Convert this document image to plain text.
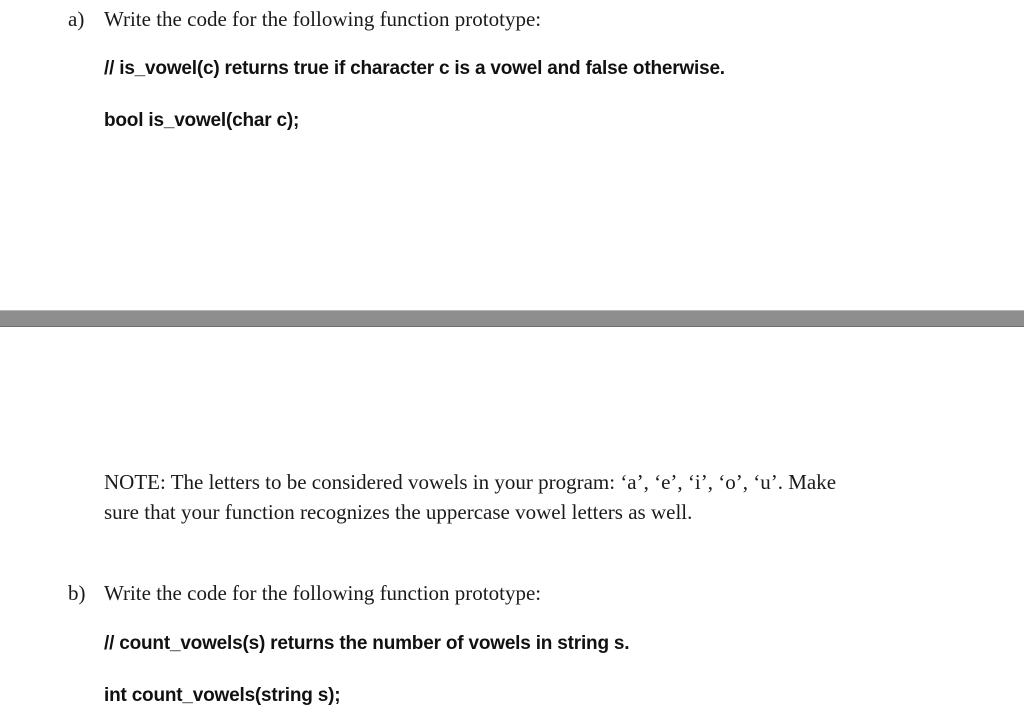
a) Write the code for the following function prototype:
// is_vowel(c) returns true if character c is a vowel and false otherwise.
bool is_vowel(char c);
NOTE: The letters to be considered vowels in your program: ‘a’, ‘e’, ‘i’, ‘o’, ‘u’. Make
sure that your function recognizes the uppercase vowel letters as well.
b) Write the code for the following function prototype:
// count_vowels(s) returns the number of vowels in string s.
int count_vowels(string s);
